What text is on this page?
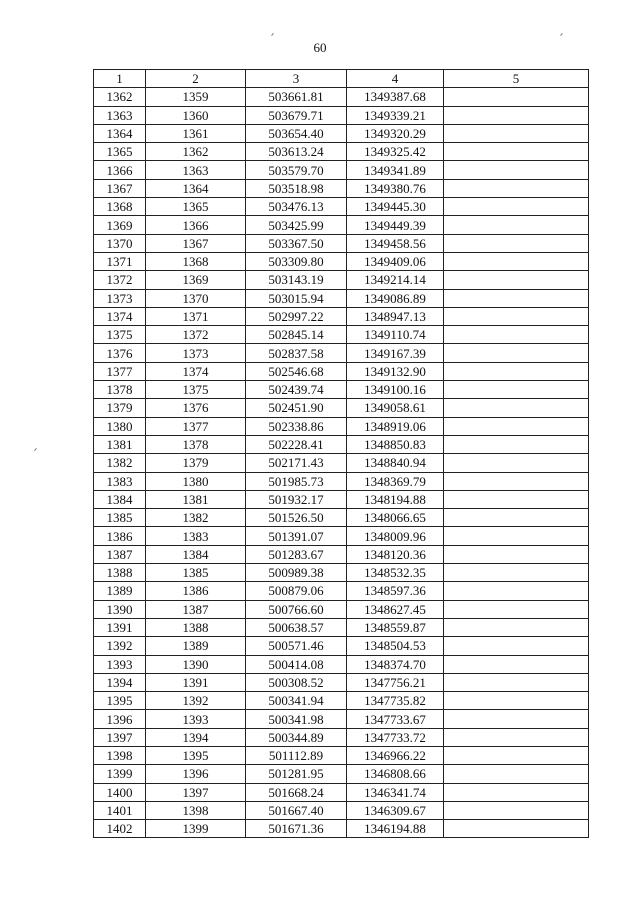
60
1	2	3	4	5
1362	1359	503661.81	1349387.68	
1363	1360	503679.71	1349339.21	
1364	1361	503654.40	1349320.29	
1365	1362	503613.24	1349325.42	
1366	1363	503579.70	1349341.89	
1367	1364	503518.98	1349380.76	
1368	1365	503476.13	1349445.30	
1369	1366	503425.99	1349449.39	
1370	1367	503367.50	1349458.56	
1371	1368	503309.80	1349409.06	
1372	1369	503143.19	1349214.14	
1373	1370	503015.94	1349086.89	
1374	1371	502997.22	1348947.13	
1375	1372	502845.14	1349110.74	
1376	1373	502837.58	1349167.39	
1377	1374	502546.68	1349132.90	
1378	1375	502439.74	1349100.16	
1379	1376	502451.90	1349058.61	
1380	1377	502338.86	1348919.06	
1381	1378	502228.41	1348850.83	
1382	1379	502171.43	1348840.94	
1383	1380	501985.73	1348369.79	
1384	1381	501932.17	1348194.88	
1385	1382	501526.50	1348066.65	
1386	1383	501391.07	1348009.96	
1387	1384	501283.67	1348120.36	
1388	1385	500989.38	1348532.35	
1389	1386	500879.06	1348597.36	
1390	1387	500766.60	1348627.45	
1391	1388	500638.57	1348559.87	
1392	1389	500571.46	1348504.53	
1393	1390	500414.08	1348374.70	
1394	1391	500308.52	1347756.21	
1395	1392	500341.94	1347735.82	
1396	1393	500341.98	1347733.67	
1397	1394	500344.89	1347733.72	
1398	1395	501112.89	1346966.22	
1399	1396	501281.95	1346808.66	
1400	1397	501668.24	1346341.74	
1401	1398	501667.40	1346309.67	
1402	1399	501671.36	1346194.88	
